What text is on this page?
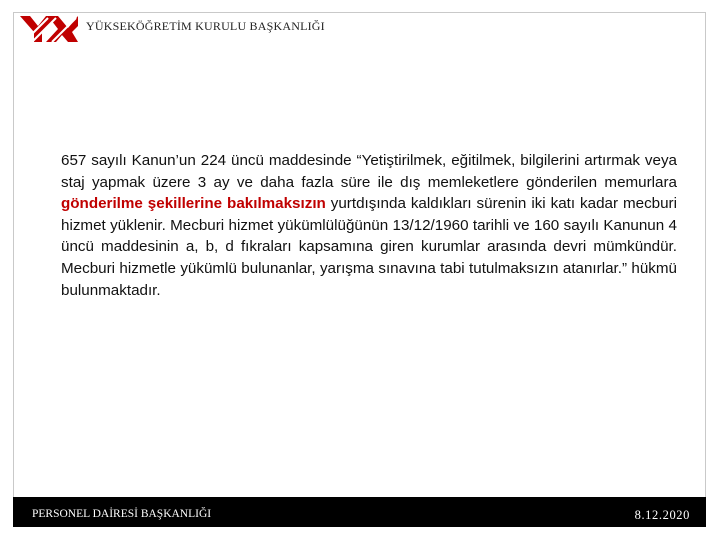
YÜKSEKÖĞRETİM KURULU BAŞKANLIĞI

657 sayılı Kanun’un 224 üncü maddesinde “Yetiştirilmek, eğitilmek, bilgilerini artırmak veya staj yapmak üzere 3 ay ve daha fazla süre ile dış memleketlere gönderilen memurlara gönderilme şekillerine bakılmaksızın yurtdışında kaldıkları sürenin iki katı kadar mecburi hizmet yüklenir. Mecburi hizmet yükümlülüğünün 13/12/1960 tarihli ve 160 sayılı Kanunun 4 üncü maddesinin a, b, d fıkraları kapsamına giren kurumlar arasında devri mümkündür. Mecburi hizmetle yükümlü bulunanlar, yarışma sınavına tabi tutulmaksızın atanırlar.” hükmü bulunmaktadır.

PERSONEL DAİRESİ BAŞKANLIĞI	8.12.2020
